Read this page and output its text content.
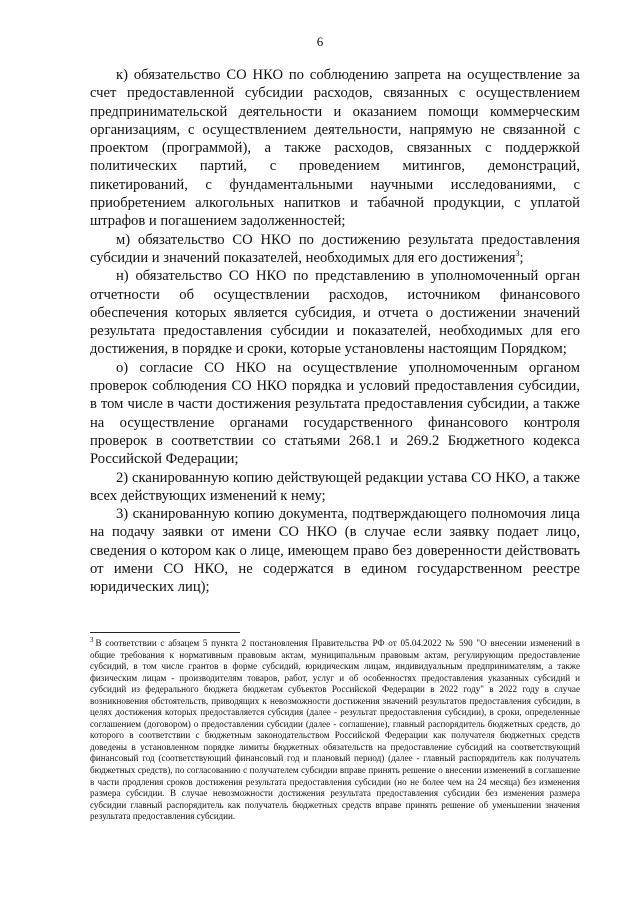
6

к) обязательство СО НКО по соблюдению запрета на осуществление за счет предоставленной субсидии расходов, связанных с осуществлением предпринимательской деятельности и оказанием помощи коммерческим организациям, с осуществлением деятельности, напрямую не связанной с проектом (программой), а также расходов, связанных с поддержкой политических партий, с проведением митингов, демонстраций, пикетирований, с фундаментальными научными исследованиями, с приобретением алкогольных напитков и табачной продукции, с уплатой штрафов и погашением задолженностей;

м) обязательство СО НКО по достижению результата предоставления субсидии и значений показателей, необходимых для его достижения$^3$;

н) обязательство СО НКО по представлению в уполномоченный орган отчетности об осуществлении расходов, источником финансового обеспечения которых является субсидия, и отчета о достижении значений результата предоставления субсидии и показателей, необходимых для его достижения, в порядке и сроки, которые установлены настоящим Порядком;

о) согласие СО НКО на осуществление уполномоченным органом проверок соблюдения СО НКО порядка и условий предоставления субсидии, в том числе в части достижения результата предоставления субсидии, а также на осуществление органами государственного финансового контроля проверок в соответствии со статьями 268.1 и 269.2 Бюджетного кодекса Российской Федерации;

2) сканированную копию действующей редакции устава СО НКО, а также всех действующих изменений к нему;

3) сканированную копию документа, подтверждающего полномочия лица на подачу заявки от имени СО НКО (в случае если заявку подает лицо, сведения о котором как о лице, имеющем право без доверенности действовать от имени СО НКО, не содержатся в едином государственном реестре юридических лиц);

$^3$ В соответствии с абзацем 5 пункта 2 постановления Правительства РФ от 05.04.2022 № 590 "О внесении изменений в общие требования к нормативным правовым актам, муниципальным правовым актам, регулирующим предоставление субсидий, в том числе грантов в форме субсидий, юридическим лицам, индивидуальным предпринимателям, а также физическим лицам - производителям товаров, работ, услуг и об особенностях предоставления указанных субсидий и субсидий из федерального бюджета бюджетам субъектов Российской Федерации в 2022 году" в 2022 году в случае возникновения обстоятельств, приводящих к невозможности достижения значений результатов предоставления субсидии, в целях достижения которых предоставляется субсидия (далее - результат предоставления субсидии), в сроки, определенные соглашением (договором) о предоставлении субсидии (далее - соглашение), главный распорядитель бюджетных средств, до которого в соответствии с бюджетным законодательством Российской Федерации как получателя бюджетных средств доведены в установленном порядке лимиты бюджетных обязательств на предоставление субсидий на соответствующий финансовый год (соответствующий финансовый год и плановый период) (далее - главный распорядитель как получатель бюджетных средств), по согласованию с получателем субсидии вправе принять решение о внесении изменений в соглашение в части продления сроков достижения результата предоставления субсидии (но не более чем на 24 месяца) без изменения размера субсидии. В случае невозможности достижения результата предоставления субсидии без изменения размера субсидии главный распорядитель как получатель бюджетных средств вправе принять решение об уменьшении значения результата предоставления субсидии.
